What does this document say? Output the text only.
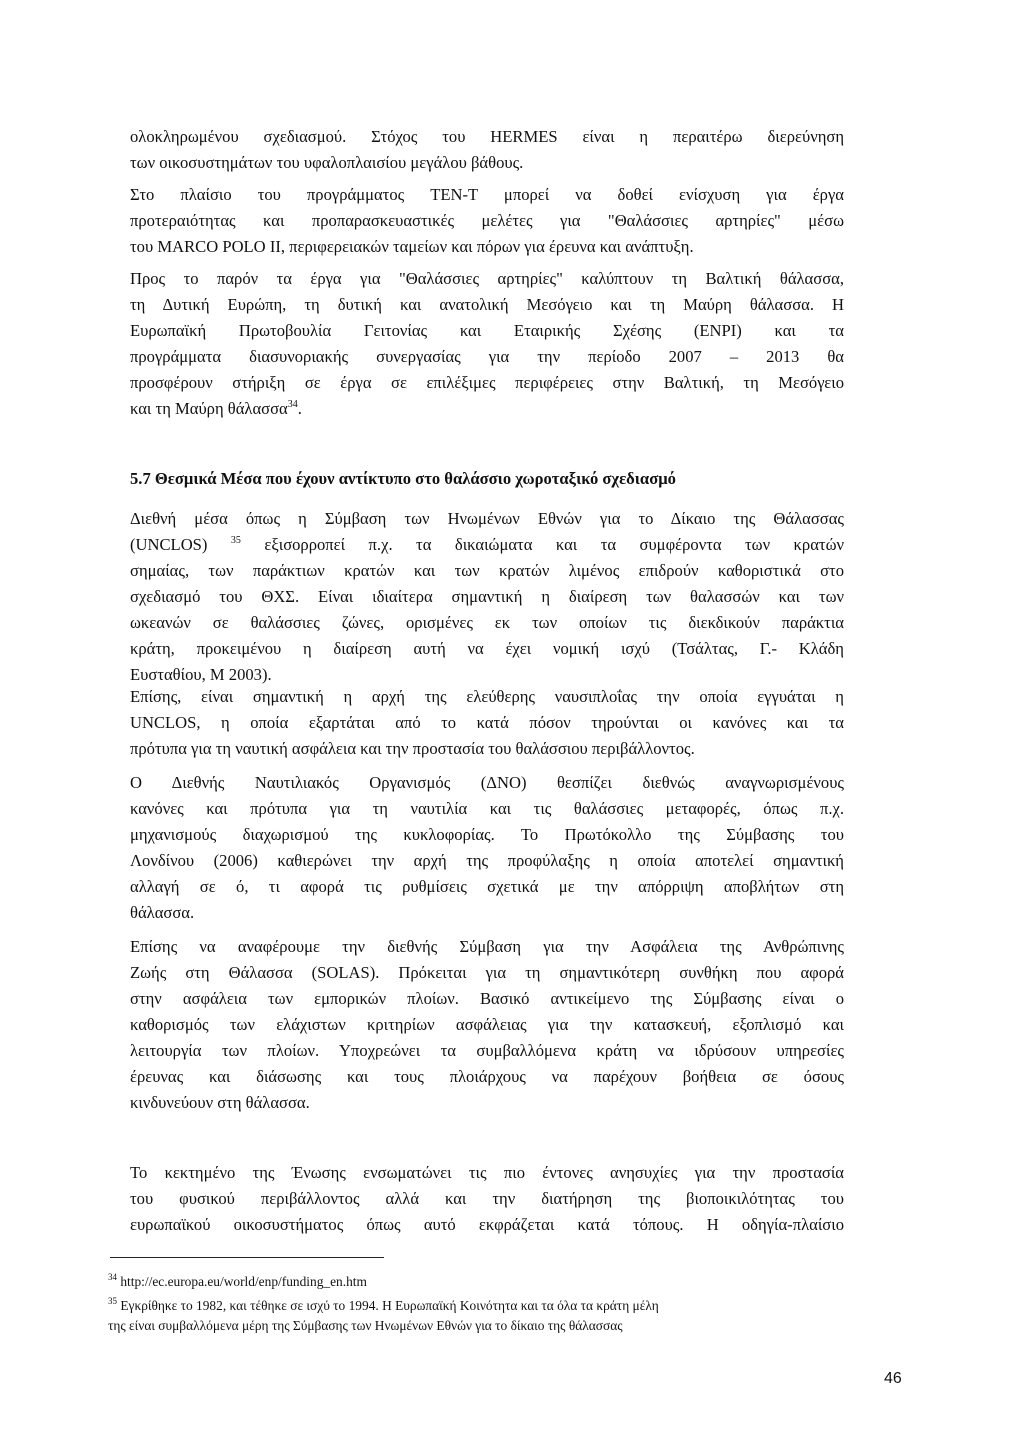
ολοκληρωμένου σχεδιασμού. Στόχος του HERMES είναι η περαιτέρω διερεύνηση
των οικοσυστημάτων του υφαλοπλαισίου μεγάλου βάθους.
Στο πλαίσιο του προγράμματος TEN-T μπορεί να δοθεί ενίσχυση για έργα
προτεραιότητας και προπαρασκευαστικές μελέτες για "Θαλάσσιες αρτηρίες" μέσω
του MARCO POLO II, περιφερειακών ταμείων και πόρων για έρευνα και ανάπτυξη.
Προς το παρόν τα έργα για "Θαλάσσιες αρτηρίες" καλύπτουν τη Βαλτική θάλασσα,
τη Δυτική Ευρώπη, τη δυτική και ανατολική Μεσόγειο και τη Μαύρη θάλασσα. Η
Ευρωπαϊκή Πρωτοβουλία Γειτονίας και Εταιρικής Σχέσης (ENPI) και τα
προγράμματα διασυνοριακής συνεργασίας για την περίοδο 2007 – 2013 θα
προσφέρουν στήριξη σε έργα σε επιλέξιμες περιφέρειες στην Βαλτική, τη Μεσόγειο
και τη Μαύρη θάλασσα$^{34}$.

5.7 Θεσμικά Μέσα που έχουν αντίκτυπο στο θαλάσσιο χωροταξικό σχεδιασμό

Διεθνή μέσα όπως η Σύμβαση των Ηνωμένων Εθνών για το Δίκαιο της Θάλασσας
(UNCLOS) $^{35}$ εξισορροπεί π.χ. τα δικαιώματα και τα συμφέροντα των κρατών
σημαίας, των παράκτιων κρατών και των κρατών λιμένος επιδρούν καθοριστικά στο
σχεδιασμό του ΘΧΣ. Είναι ιδιαίτερα σημαντική η διαίρεση των θαλασσών και των
ωκεανών σε θαλάσσιες ζώνες, ορισμένες εκ των οποίων τις διεκδικούν παράκτια
κράτη, προκειμένου η διαίρεση αυτή να έχει νομική ισχύ (Τσάλτας, Γ.- Κλάδη
Ευσταθίου, Μ 2003).
Επίσης, είναι σημαντική η αρχή της ελεύθερης ναυσιπλοΐας την οποία εγγυάται η
UNCLOS, η οποία εξαρτάται από το κατά πόσον τηρούνται οι κανόνες και τα
πρότυπα για τη ναυτική ασφάλεια και την προστασία του θαλάσσιου περιβάλλοντος.
Ο Διεθνής Ναυτιλιακός Οργανισμός (ΔΝΟ) θεσπίζει διεθνώς αναγνωρισμένους
κανόνες και πρότυπα για τη ναυτιλία και τις θαλάσσιες μεταφορές, όπως π.χ.
μηχανισμούς διαχωρισμού της κυκλοφορίας. Το Πρωτόκολλο της Σύμβασης του
Λονδίνου (2006) καθιερώνει την αρχή της προφύλαξης η οποία αποτελεί σημαντική
αλλαγή σε ό, τι αφορά τις ρυθμίσεις σχετικά με την απόρριψη αποβλήτων στη
θάλασσα.
Επίσης να αναφέρουμε την διεθνής Σύμβαση για την Ασφάλεια της Ανθρώπινης
Ζωής στη Θάλασσα (SOLAS). Πρόκειται για τη σημαντικότερη συνθήκη που αφορά
στην ασφάλεια των εμπορικών πλοίων. Βασικό αντικείμενο της Σύμβασης είναι ο
καθορισμός των ελάχιστων κριτηρίων ασφάλειας για την κατασκευή, εξοπλισμό και
λειτουργία των πλοίων. Υποχρεώνει τα συμβαλλόμενα κράτη να ιδρύσουν υπηρεσίες
έρευνας και διάσωσης και τους πλοιάρχους να παρέχουν βοήθεια σε όσους
κινδυνεύουν στη θάλασσα.
Το κεκτημένο της Ένωσης ενσωματώνει τις πιο έντονες ανησυχίες για την προστασία
του φυσικού περιβάλλοντος αλλά και την διατήρηση της βιοποικιλότητας του
ευρωπαϊκού οικοσυστήματος όπως αυτό εκφράζεται κατά τόπους. Η οδηγία-πλαίσιο
$^{34}$ http://ec.europa.eu/world/enp/funding_en.htm
$^{35}$ Εγκρίθηκε το 1982, και τέθηκε σε ισχύ το 1994. Η Ευρωπαϊκή Κοινότητα και τα όλα τα κράτη μέλη
της είναι συμβαλλόμενα μέρη της Σύμβασης των Ηνωμένων Εθνών για το δίκαιο της θάλασσας
46
